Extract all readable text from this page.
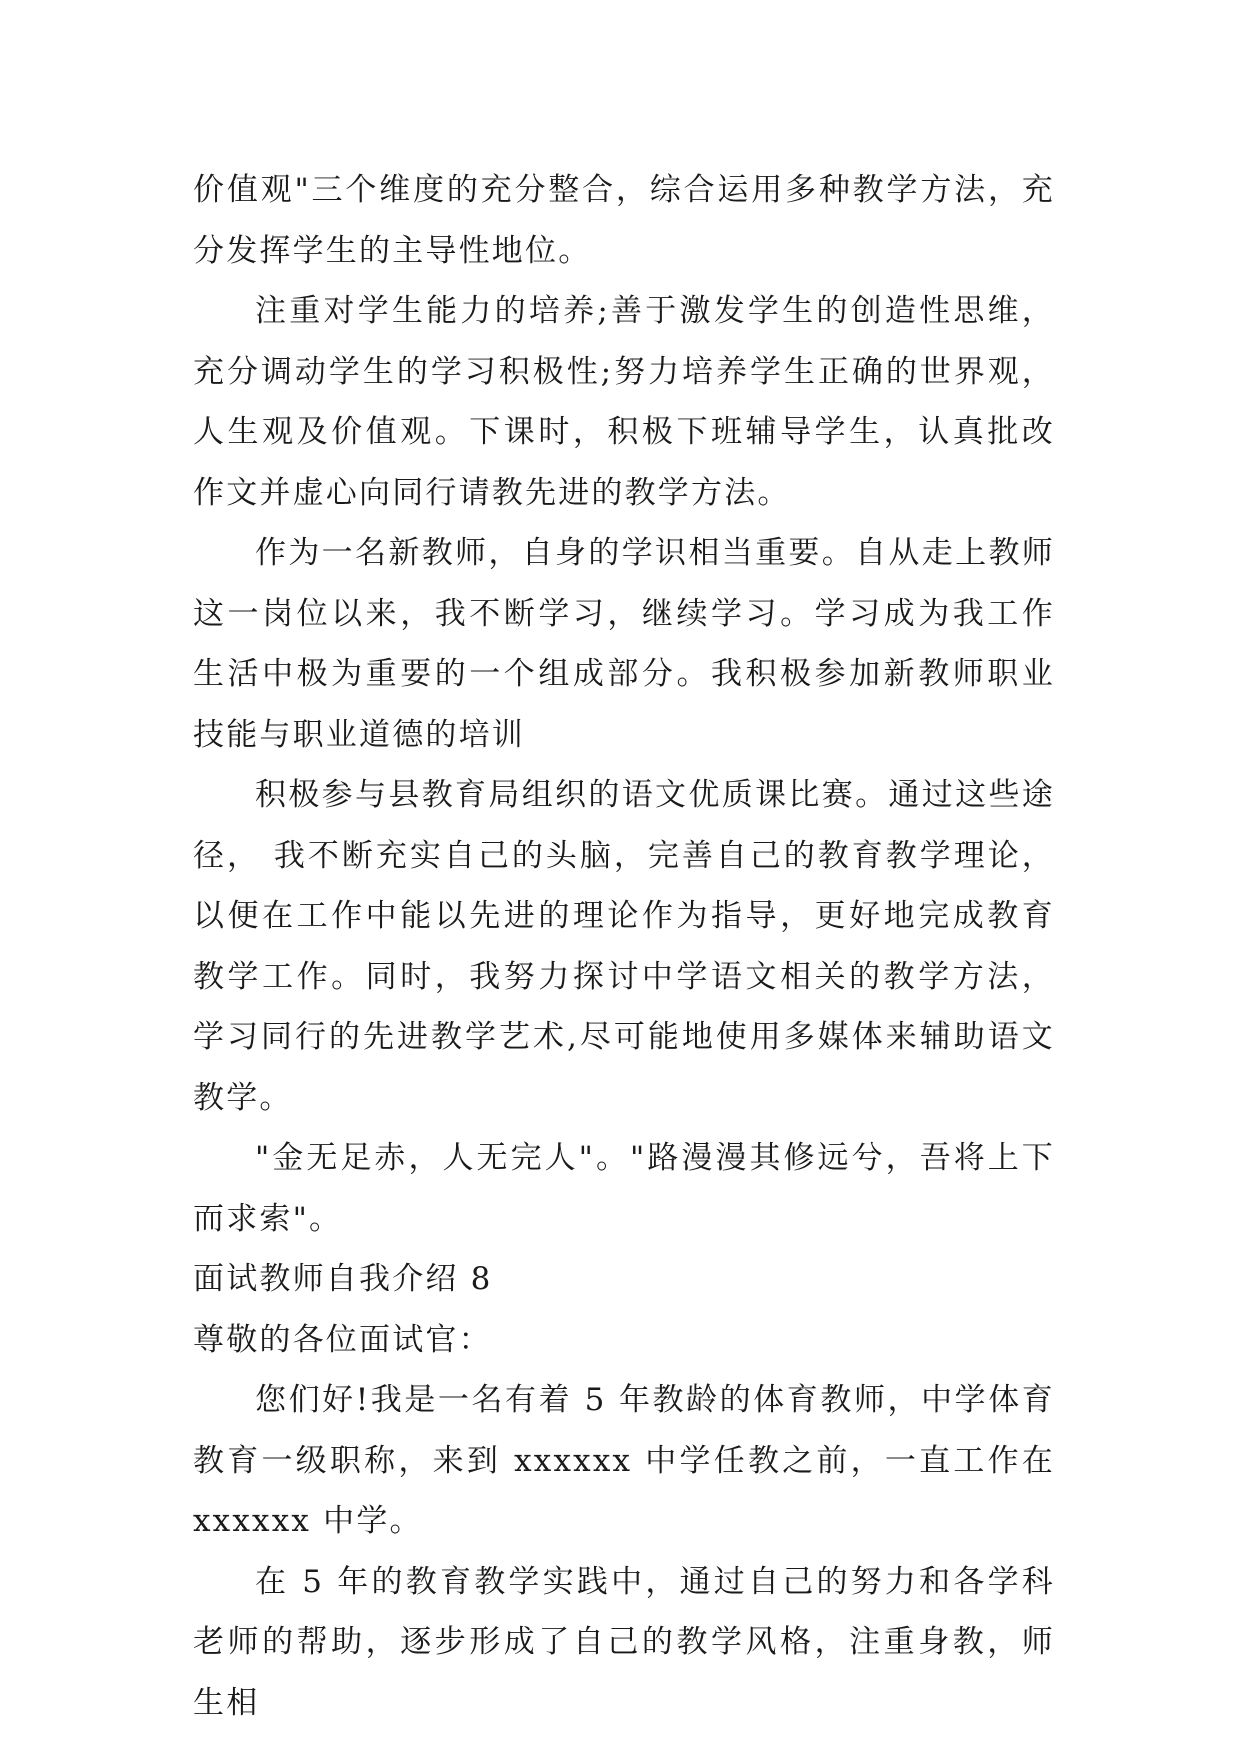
价值观"三个维度的充分整合，综合运用多种教学方法，充分发挥学生的主导性地位。

注重对学生能力的培养;善于激发学生的创造性思维，充分调动学生的学习积极性;努力培养学生正确的世界观，人生观及价值观。下课时，积极下班辅导学生，认真批改作文并虚心向同行请教先进的教学方法。

作为一名新教师，自身的学识相当重要。自从走上教师这一岗位以来，我不断学习，继续学习。学习成为我工作生活中极为重要的一个组成部分。我积极参加新教师职业技能与职业道德的培训

积极参与县教育局组织的语文优质课比赛。通过这些途径， 我不断充实自己的头脑，完善自己的教育教学理论，以便在工作中能以先进的理论作为指导，更好地完成教育教学工作。同时，我努力探讨中学语文相关的教学方法，学习同行的先进教学艺术,尽可能地使用多媒体来辅助语文教学。

"金无足赤，人无完人"。"路漫漫其修远兮，吾将上下而求索"。

面试教师自我介绍 8

尊敬的各位面试官：

您们好!我是一名有着 5 年教龄的体育教师，中学体育教育一级职称，来到 xxxxxx 中学任教之前，一直工作在 xxxxxx 中学。

在 5 年的教育教学实践中，通过自己的努力和各学科老师的帮助，逐步形成了自己的教学风格，注重身教，师生相
